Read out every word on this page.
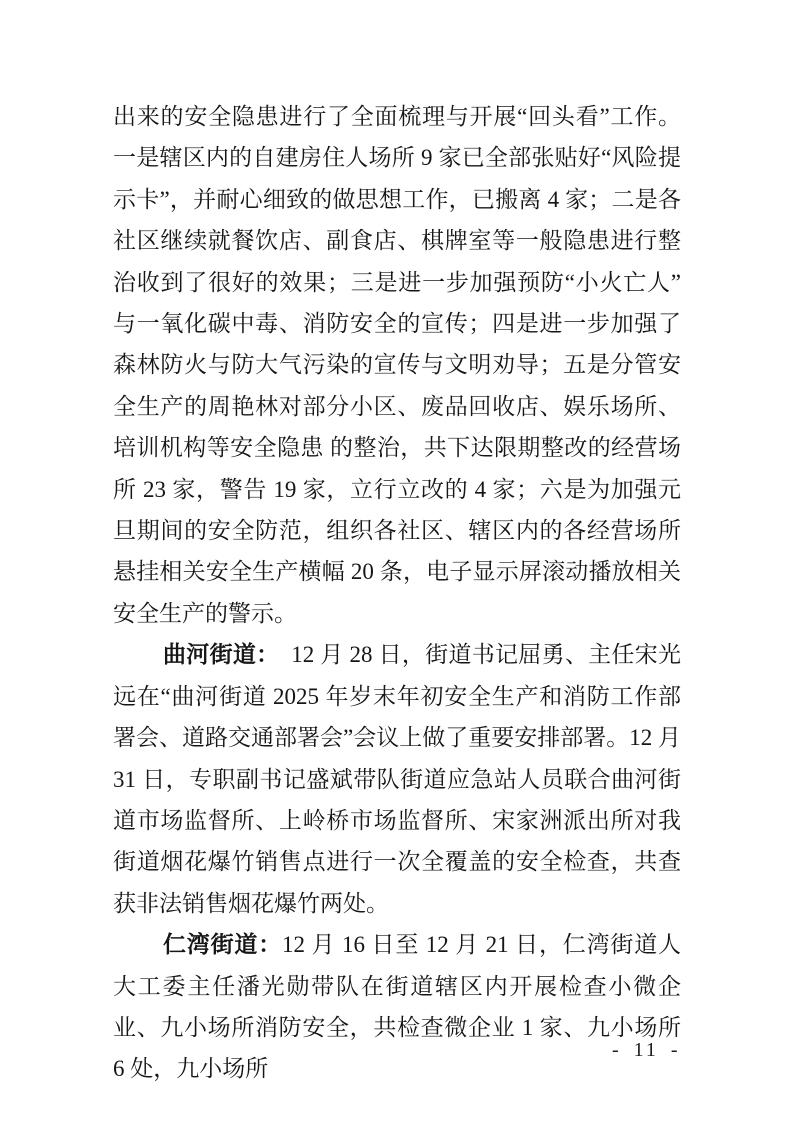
出来的安全隐患进行了全面梳理与开展“回头看”工作。一是辖区内的自建房住人场所 9 家已全部张贴好“风险提示卡”，并耐心细致的做思想工作，已搬离 4 家；二是各社区继续就餐饮店、副食店、棋牌室等一般隐患进行整治收到了很好的效果；三是进一步加强预防“小火亡人”与一氧化碳中毒、消防安全的宣传；四是进一步加强了森林防火与防大气污染的宣传与文明劝导；五是分管安全生产的周艳林对部分小区、废品回收店、娱乐场所、培训机构等安全隐患 的整治，共下达限期整改的经营场所 23 家，警告 19 家，立行立改的 4 家；六是为加强元旦期间的安全防范，组织各社区、辖区内的各经营场所悬挂相关安全生产横幅 20 条，电子显示屏滚动播放相关安全生产的警示。

曲河街道：　12 月 28 日，街道书记屈勇、主任宋光远在“曲河街道 2025 年岁末年初安全生产和消防工作部署会、道路交通部署会”会议上做了重要安排部署。12 月 31 日，专职副书记盛斌带队街道应急站人员联合曲河街道市场监督所、上岭桥市场监督所、宋家洲派出所对我街道烟花爆竹销售点进行一次全覆盖的安全检查，共查获非法销售烟花爆竹两处。

仁湾街道：12 月 16 日至 12 月 21 日，仁湾街道人大工委主任潘光勋带队在街道辖区内开展检查小微企业、九小场所消防安全，共检查微企业 1 家、九小场所 6 处，九小场所

- 11 -
